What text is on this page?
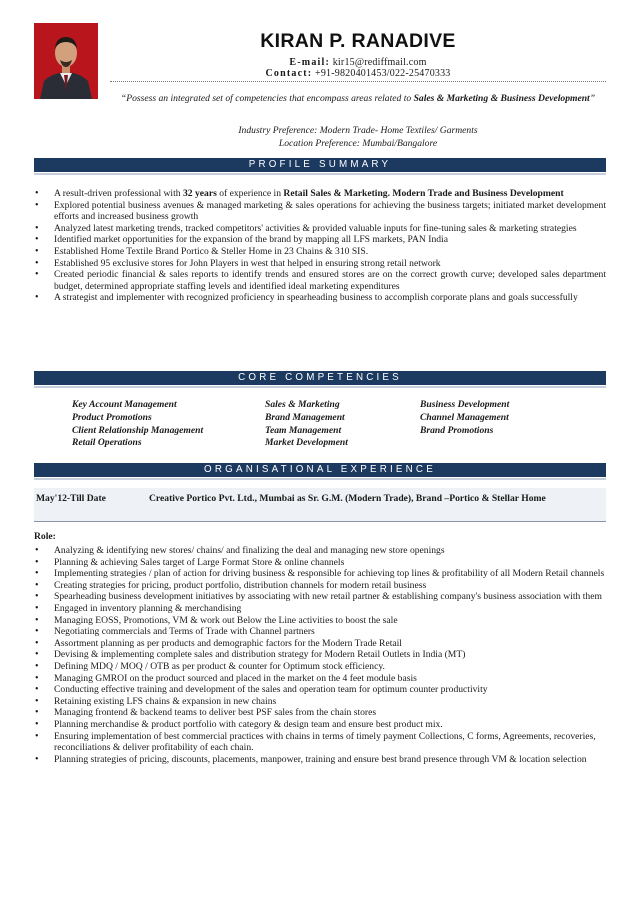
KIRAN P. RANADIVE
E-mail: kir15@rediffmail.com
Contact: +91-9820401453/022-25470333
“Possess an integrated set of competencies that encompass areas related to Sales & Marketing & Business Development”
Industry Preference: Modern Trade- Home Textiles/ Garments
Location Preference: Mumbai/Bangalore
PROFILE SUMMARY
• A result-driven professional with 32 years of experience in Retail Sales & Marketing. Modern Trade and Business Development
• Explored potential business avenues & managed marketing & sales operations for achieving the business targets; initiated market development efforts and increased business growth
• Analyzed latest marketing trends, tracked competitors' activities & provided valuable inputs for fine-tuning sales & marketing strategies
• Identified market opportunities for the expansion of the brand by mapping all LFS markets, PAN India
• Established Home Textile Brand Portico & Steller Home in 23 Chains & 310 SIS.
• Established 95 exclusive stores for John Players in west that helped in ensuring strong retail network
• Created periodic financial & sales reports to identify trends and ensured stores are on the correct growth curve; developed sales department budget, determined appropriate staffing levels and identified ideal marketing expenditures
• A strategist and implementer with recognized proficiency in spearheading business to accomplish corporate plans and goals successfully
CORE COMPETENCIES
Key Account Management
Product Promotions
Client Relationship Management
Retail Operations
Sales & Marketing
Brand Management
Team Management
Market Development
Business Development
Channel Management
Brand Promotions
ORGANISATIONAL EXPERIENCE
May'12-Till Date	Creative Portico Pvt. Ltd., Mumbai as Sr. G.M. (Modern Trade), Brand –Portico & Stellar Home
Role:
• Analyzing & identifying new stores/ chains/ and finalizing the deal and managing new store openings
• Planning & achieving Sales target of Large Format Store & online channels
• Implementing strategies / plan of action for driving business & responsible for achieving top lines & profitability of all Modern Retail channels
• Creating strategies for pricing, product portfolio, distribution channels for modern retail business
• Spearheading business development initiatives by associating with new retail partner & establishing company's business association with them
• Engaged in inventory planning & merchandising
• Managing EOSS, Promotions, VM & work out Below the Line activities to boost the sale
• Negotiating commercials and Terms of Trade with Channel partners
• Assortment planning as per products and demographic factors for the Modern Trade Retail
• Devising & implementing complete sales and distribution strategy for Modern Retail Outlets in India (MT)
• Defining MDQ / MOQ / OTB as per product & counter for Optimum stock efficiency.
• Managing GMROI on the product sourced and placed in the market on the 4 feet module basis
• Conducting effective training and development of the sales and operation team for optimum counter productivity
• Retaining existing LFS chains & expansion in new chains
• Managing frontend & backend teams to deliver best PSF sales from the chain stores
• Planning merchandise & product portfolio with category & design team and ensure best product mix.
• Ensuring implementation of best commercial practices with chains in terms of timely payment Collections, C forms, Agreements, recoveries, reconciliations & deliver profitability of each chain.
• Planning strategies of pricing, discounts, placements, manpower, training and ensure best brand presence through VM & location selection
